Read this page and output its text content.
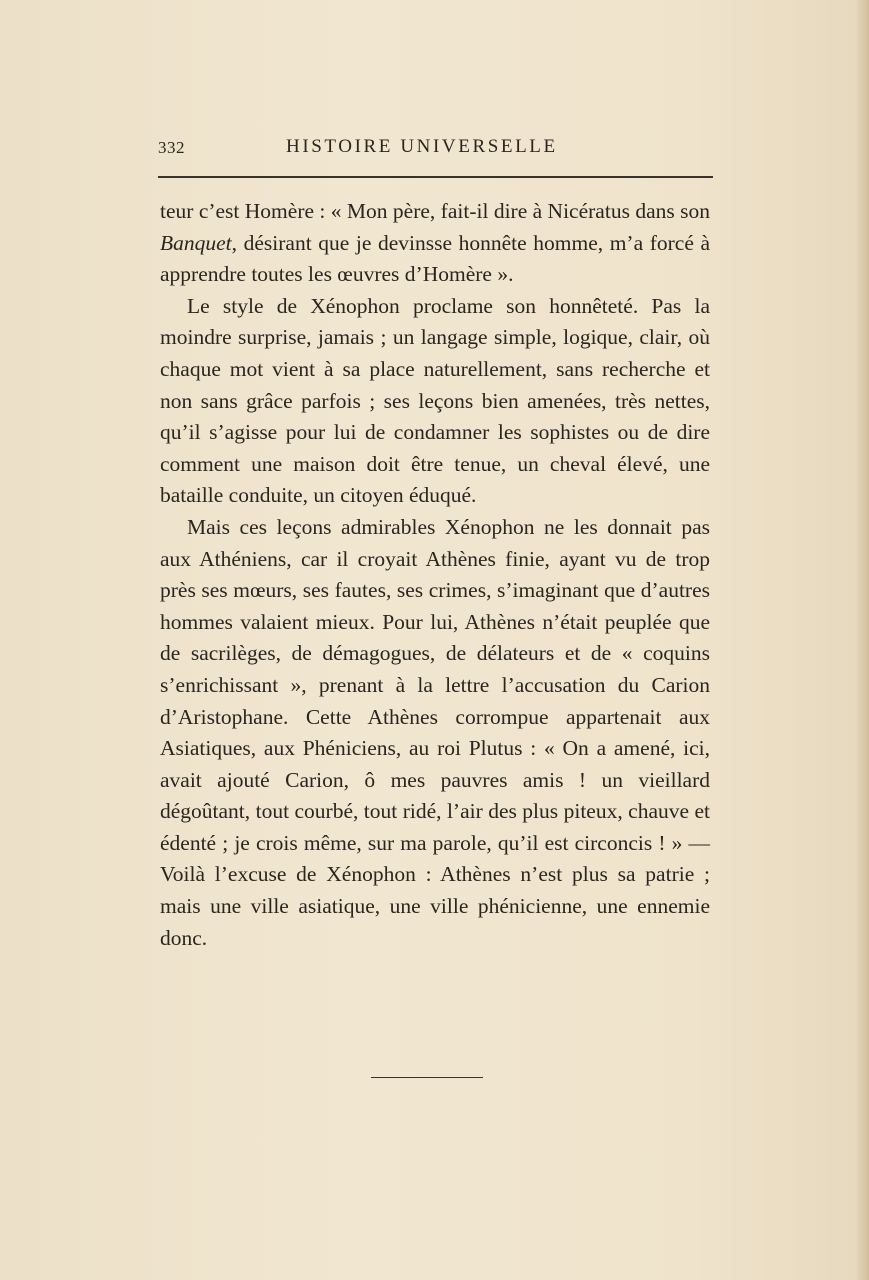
332	HISTOIRE UNIVERSELLE

teur c’est Homère : « Mon père, fait-il dire à Nicératus dans son Banquet, désirant que je devinsse honnête homme, m’a forcé à apprendre toutes les œuvres d’Homère ».

Le style de Xénophon proclame son honnêteté. Pas la moindre surprise, jamais ; un langage simple, logique, clair, où chaque mot vient à sa place naturellement, sans recherche et non sans grâce parfois ; ses leçons bien amenées, très nettes, qu’il s’agisse pour lui de condamner les sophistes ou de dire comment une maison doit être tenue, un cheval élevé, une bataille conduite, un citoyen éduqué.

Mais ces leçons admirables Xénophon ne les donnait pas aux Athéniens, car il croyait Athènes finie, ayant vu de trop près ses mœurs, ses fautes, ses crimes, s’imaginant que d’autres hommes valaient mieux. Pour lui, Athènes n’était peuplée que de sacrilèges, de démagogues, de délateurs et de « coquins s’enrichissant », prenant à la lettre l’accusation du Carion d’Aristophane. Cette Athènes corrompue appartenait aux Asiatiques, aux Phéniciens, au roi Plutus : « On a amené, ici, avait ajouté Carion, ô mes pauvres amis ! un vieillard dégoûtant, tout courbé, tout ridé, l’air des plus piteux, chauve et édenté ; je crois même, sur ma parole, qu’il est circoncis ! » — Voilà l’excuse de Xénophon : Athènes n’est plus sa patrie ; mais une ville asiatique, une ville phénicienne, une ennemie donc.
